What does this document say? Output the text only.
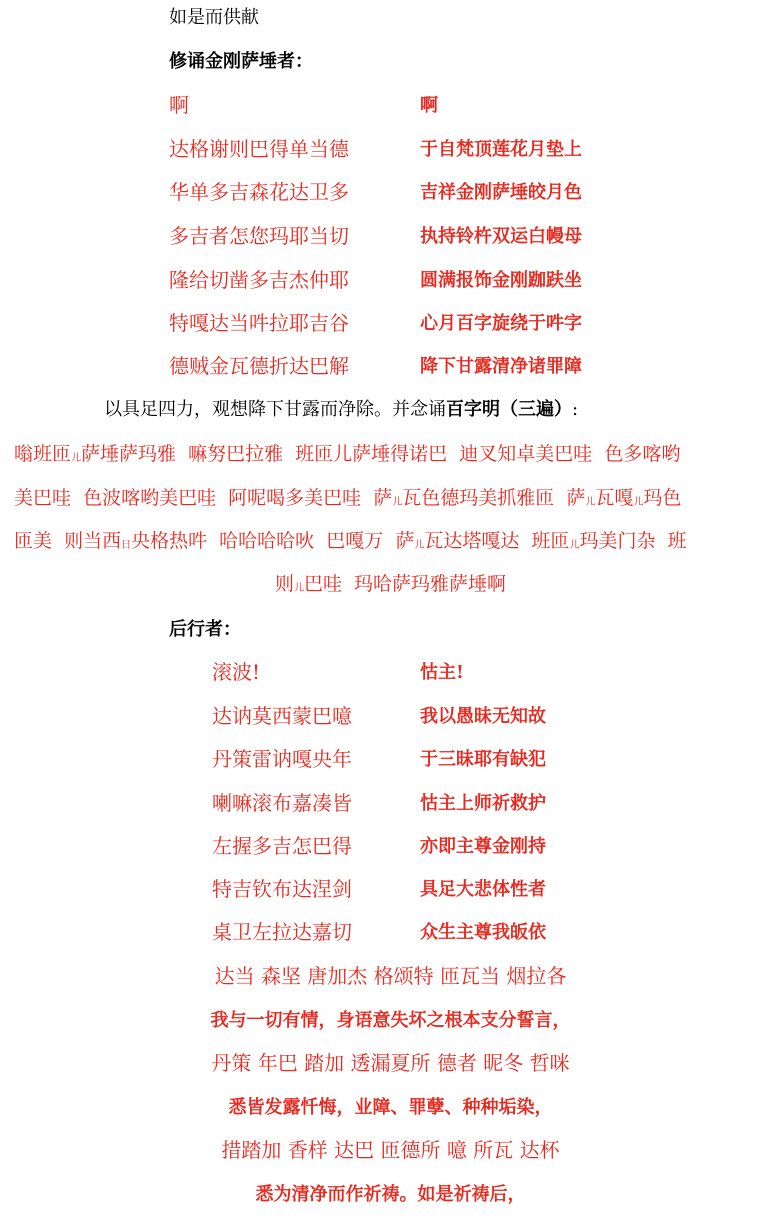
如是而供献
修诵金刚萨埵者：
啊
达格谢则巴得单当德
华单多吉森花达卫多
多吉者怎您玛耶当切
隆给切凿多吉杰仲耶
特嘎达当吽拉耶吉谷
德贼金瓦德折达巴解
啊
于自梵顶莲花月垫上
吉祥金刚萨埵皎月色
执持铃杵双运白幔母
圆满报饰金刚跏趺坐
心月百字旋绕于吽字
降下甘露清净诸罪障
以具足四力，观想降下甘露而净除。并念诵百字明（三遍）:
嗡班匝儿萨埵萨玛雅  嘛努巴拉雅  班匝儿萨埵得诺巴  迪叉知卓美巴哇  色多喀哟
美巴哇  色波喀哟美巴哇  阿呢喝多美巴哇  萨儿瓦色德玛美抓雅匝  萨儿瓦嘎儿玛色
匝美  则当西日央格热吽  哈哈哈哈吙  巴嘎万  萨儿瓦达塔嘎达  班匝儿玛美门杂  班
则儿巴哇  玛哈萨玛雅萨埵啊
后行者：
滚波!
达讷莫西蒙巴噫
丹策雷讷嘎央年
喇嘛滚布嘉凑皆
左握多吉怎巴得
特吉钦布达涅剑
桌卫左拉达嘉切
怙主!
我以愚昧无知故
于三昧耶有缺犯
怙主上师祈救护
亦即主尊金刚持
具足大悲体性者
众生主尊我皈依
达当 森坚 唐加杰 格颂特 匝瓦当 烟拉各
我与一切有情，身语意失坏之根本支分誓言，
丹策 年巴 踏加 透漏夏所 德者 昵冬 哲咪
悉皆发露忏悔，业障、罪孽、种种垢染，
措踏加 香样 达巴 匝德所 噫 所瓦 达杯
悉为清净而作祈祷。如是祈祷后，
